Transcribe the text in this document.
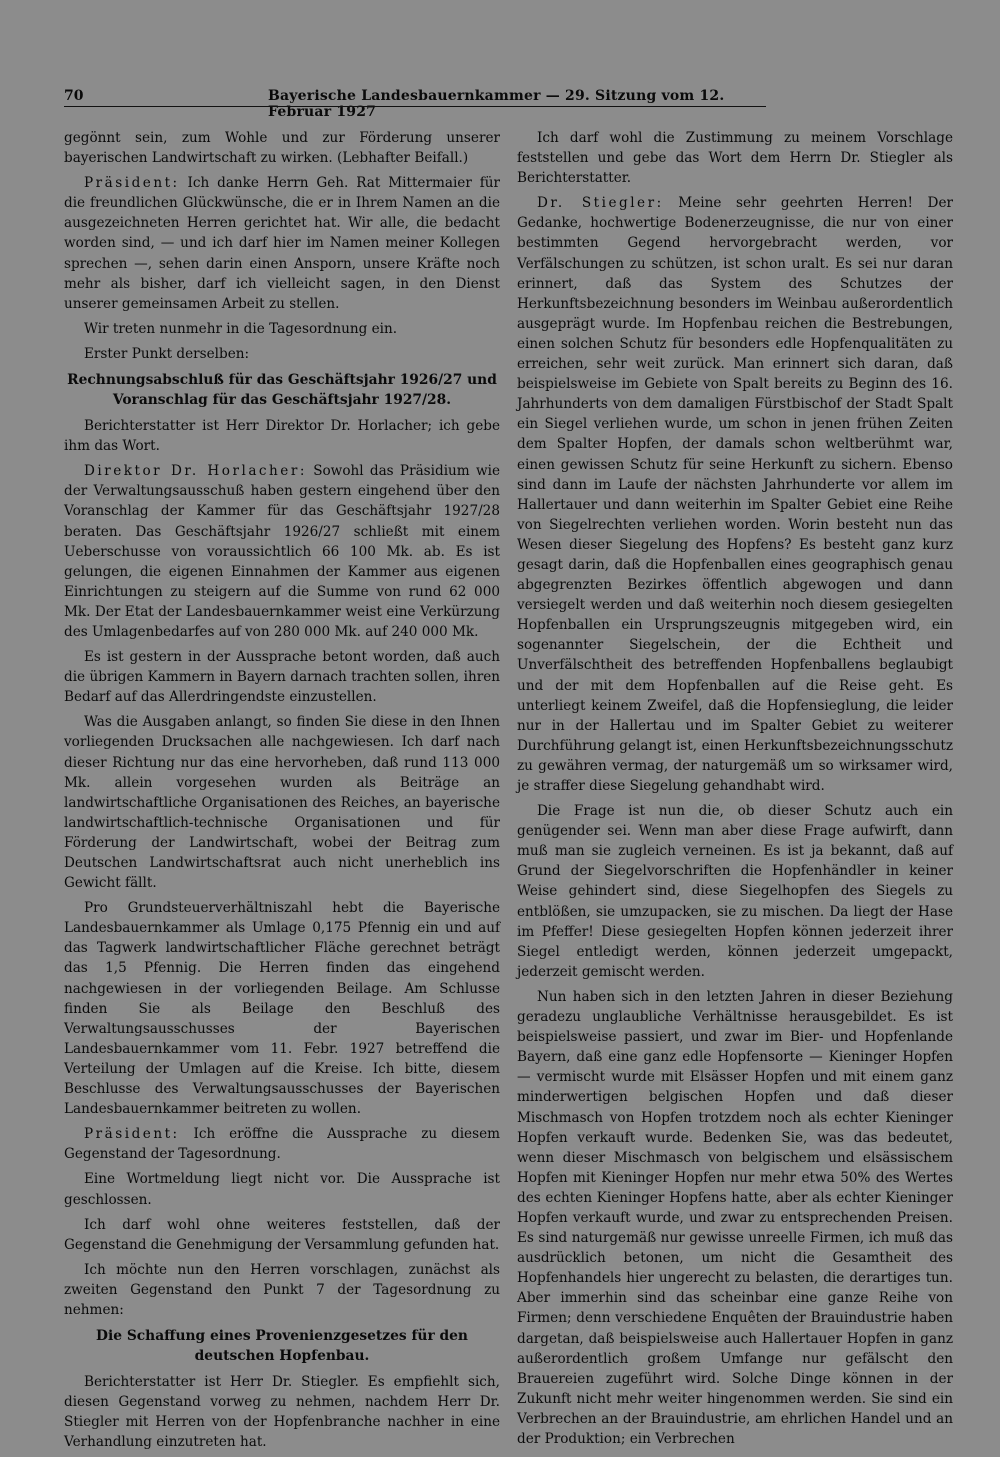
70	Bayerische Landesbauernkammer — 29. Sitzung vom 12. Februar 1927

gegönnt sein, zum Wohle und zur Förderung unserer bayerischen Landwirtschaft zu wirken. (Lebhafter Beifall.)

Präsident: Ich danke Herrn Geh. Rat Mittermaier für die freundlichen Glückwünsche, die er in Ihrem Namen an die ausgezeichneten Herren gerichtet hat. Wir alle, die bedacht worden sind, — und ich darf hier im Namen meiner Kollegen sprechen —, sehen darin einen Ansporn, unsere Kräfte noch mehr als bisher, darf ich vielleicht sagen, in den Dienst unserer gemeinsamen Arbeit zu stellen.

Wir treten nunmehr in die Tagesordnung ein.

Erster Punkt derselben:

Rechnungsabschluß für das Geschäftsjahr 1926/27 und Voranschlag für das Geschäftsjahr 1927/28.

Berichterstatter ist Herr Direktor Dr. Horlacher; ich gebe ihm das Wort.

Direktor Dr. Horlacher: Sowohl das Präsidium wie der Verwaltungsausschuß haben gestern eingehend über den Voranschlag der Kammer für das Geschäftsjahr 1927/28 beraten. Das Geschäftsjahr 1926/27 schließt mit einem Ueberschusse von voraussichtlich 66 100 Mk. ab. Es ist gelungen, die eigenen Einnahmen der Kammer aus eigenen Einrichtungen zu steigern auf die Summe von rund 62 000 Mk. Der Etat der Landesbauernkammer weist eine Verkürzung des Umlagenbedarfes auf von 280 000 Mk. auf 240 000 Mk.

Es ist gestern in der Aussprache betont worden, daß auch die übrigen Kammern in Bayern darnach trachten sollen, ihren Bedarf auf das Allerdringendste einzustellen.

Was die Ausgaben anlangt, so finden Sie diese in den Ihnen vorliegenden Drucksachen alle nachgewiesen. Ich darf nach dieser Richtung nur das eine hervorheben, daß rund 113 000 Mk. allein vorgesehen wurden als Beiträge an landwirtschaftliche Organisationen des Reiches, an bayerische landwirtschaftlich-technische Organisationen und für Förderung der Landwirtschaft, wobei der Beitrag zum Deutschen Landwirtschaftsrat auch nicht unerheblich ins Gewicht fällt.

Pro Grundsteuerverhältniszahl hebt die Bayerische Landesbauernkammer als Umlage 0,175 Pfennig ein und auf das Tagwerk landwirtschaftlicher Fläche gerechnet beträgt das 1,5 Pfennig. Die Herren finden das eingehend nachgewiesen in der vorliegenden Beilage. Am Schlusse finden Sie als Beilage den Beschluß des Verwaltungsausschusses der Bayerischen Landesbauernkammer vom 11. Febr. 1927 betreffend die Verteilung der Umlagen auf die Kreise. Ich bitte, diesem Beschlusse des Verwaltungsausschusses der Bayerischen Landesbauernkammer beitreten zu wollen.

Präsident: Ich eröffne die Aussprache zu diesem Gegenstand der Tagesordnung.

Eine Wortmeldung liegt nicht vor. Die Aussprache ist geschlossen.

Ich darf wohl ohne weiteres feststellen, daß der Gegenstand die Genehmigung der Versammlung gefunden hat.

Ich möchte nun den Herren vorschlagen, zunächst als zweiten Gegenstand den Punkt 7 der Tagesordnung zu nehmen:

Die Schaffung eines Provenienzgesetzes für den deutschen Hopfenbau.

Berichterstatter ist Herr Dr. Stiegler. Es empfiehlt sich, diesen Gegenstand vorweg zu nehmen, nachdem Herr Dr. Stiegler mit Herren von der Hopfenbranche nachher in eine Verhandlung einzutreten hat.

Ich darf wohl die Zustimmung zu meinem Vorschlage feststellen und gebe das Wort dem Herrn Dr. Stiegler als Berichterstatter.

Dr. Stiegler: Meine sehr geehrten Herren! Der Gedanke, hochwertige Bodenerzeugnisse, die nur von einer bestimmten Gegend hervorgebracht werden, vor Verfälschungen zu schützen, ist schon uralt. Es sei nur daran erinnert, daß das System des Schutzes der Herkunftsbezeichnung besonders im Weinbau außerordentlich ausgeprägt wurde. Im Hopfenbau reichen die Bestrebungen, einen solchen Schutz für besonders edle Hopfenqualitäten zu erreichen, sehr weit zurück. Man erinnert sich daran, daß beispielsweise im Gebiete von Spalt bereits zu Beginn des 16. Jahrhunderts von dem damaligen Fürstbischof der Stadt Spalt ein Siegel verliehen wurde, um schon in jenen frühen Zeiten dem Spalter Hopfen, der damals schon weltberühmt war, einen gewissen Schutz für seine Herkunft zu sichern. Ebenso sind dann im Laufe der nächsten Jahrhunderte vor allem im Hallertauer und dann weiterhin im Spalter Gebiet eine Reihe von Siegelrechten verliehen worden. Worin besteht nun das Wesen dieser Siegelung des Hopfens? Es besteht ganz kurz gesagt darin, daß die Hopfenballen eines geographisch genau abgegrenzten Bezirkes öffentlich abgewogen und dann versiegelt werden und daß weiterhin noch diesem gesiegelten Hopfenballen ein Ursprungszeugnis mitgegeben wird, ein sogenannter Siegelschein, der die Echtheit und Unverfälschtheit des betreffenden Hopfenballens beglaubigt und der mit dem Hopfenballen auf die Reise geht. Es unterliegt keinem Zweifel, daß die Hopfensieglung, die leider nur in der Hallertau und im Spalter Gebiet zu weiterer Durchführung gelangt ist, einen Herkunftsbezeichnungsschutz zu gewähren vermag, der naturgemäß um so wirksamer wird, je straffer diese Siegelung gehandhabt wird.

Die Frage ist nun die, ob dieser Schutz auch ein genügender sei. Wenn man aber diese Frage aufwirft, dann muß man sie zugleich verneinen. Es ist ja bekannt, daß auf Grund der Siegelvorschriften die Hopfenhändler in keiner Weise gehindert sind, diese Siegelhopfen des Siegels zu entblößen, sie umzupacken, sie zu mischen. Da liegt der Hase im Pfeffer! Diese gesiegelten Hopfen können jederzeit ihrer Siegel entledigt werden, können jederzeit umgepackt, jederzeit gemischt werden.

Nun haben sich in den letzten Jahren in dieser Beziehung geradezu unglaubliche Verhältnisse herausgebildet. Es ist beispielsweise passiert, und zwar im Bier- und Hopfenlande Bayern, daß eine ganz edle Hopfensorte — Kieninger Hopfen — vermischt wurde mit Elsässer Hopfen und mit einem ganz minderwertigen belgischen Hopfen und daß dieser Mischmasch von Hopfen trotzdem noch als echter Kieninger Hopfen verkauft wurde. Bedenken Sie, was das bedeutet, wenn dieser Mischmasch von belgischem und elsässischem Hopfen mit Kieninger Hopfen nur mehr etwa 50% des Wertes des echten Kieninger Hopfens hatte, aber als echter Kieninger Hopfen verkauft wurde, und zwar zu entsprechenden Preisen. Es sind naturgemäß nur gewisse unreelle Firmen, ich muß das ausdrücklich betonen, um nicht die Gesamtheit des Hopfenhandels hier ungerecht zu belasten, die derartiges tun. Aber immerhin sind das scheinbar eine ganze Reihe von Firmen; denn verschiedene Enquêten der Brauindustrie haben dargetan, daß beispielsweise auch Hallertauer Hopfen in ganz außerordentlich großem Umfange nur gefälscht den Brauereien zugeführt wird. Solche Dinge können in der Zukunft nicht mehr weiter hingenommen werden. Sie sind ein Verbrechen an der Brauindustrie, am ehrlichen Handel und an der Produktion; ein Verbrechen
